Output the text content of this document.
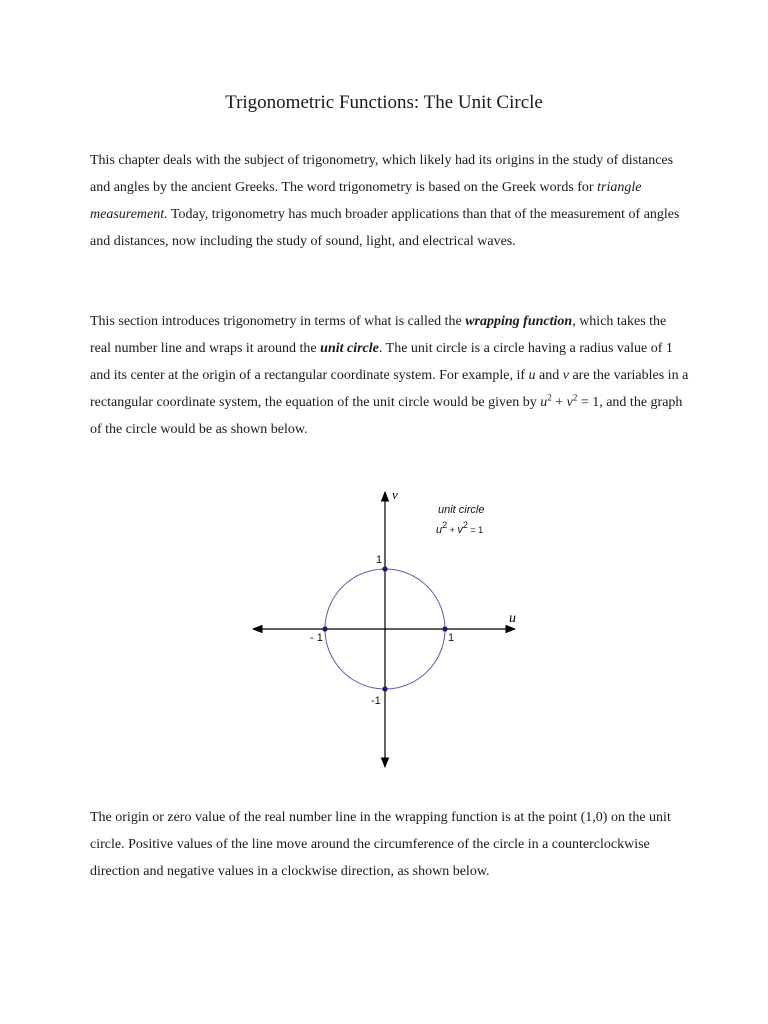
Trigonometric Functions: The Unit Circle

This chapter deals with the subject of trigonometry, which likely had its origins in the study of distances and angles by the ancient Greeks. The word trigonometry is based on the Greek words for triangle measurement. Today, trigonometry has much broader applications than that of the measurement of angles and distances, now including the study of sound, light, and electrical waves.

This section introduces trigonometry in terms of what is called the wrapping function, which takes the real number line and wraps it around the unit circle. The unit circle is a circle having a radius value of 1 and its center at the origin of a rectangular coordinate system. For example, if u and v are the variables in a rectangular coordinate system, the equation of the unit circle would be given by $u^2 + v^2 = 1$, and the graph of the circle would be as shown below.

v
u
1
1
- 1
-1
unit circle
$u^2$ $_+$ $v^2$ $_{= 1}$

The origin or zero value of the real number line in the wrapping function is at the point (1,0) on the unit circle. Positive values of the line move around the circumference of the circle in a counterclockwise direction and negative values in a clockwise direction, as shown below.
